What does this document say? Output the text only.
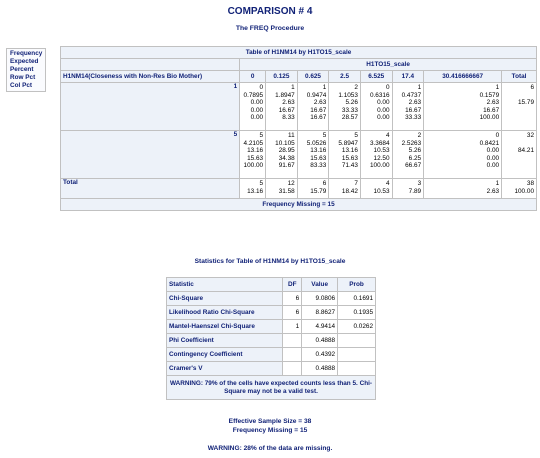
COMPARISON # 4
The FREQ Procedure
Frequency
Expected
Percent
Row Pct
Col Pct
Table of H1NM14 by H1TO15_scale								
	H1TO15_scale							
H1NM14(Closeness with Non-Res Bio Mother)	0	0.125	0.625	2.5	6.525	17.4	30.416666667	Total
1	0
0.7895
0.00
0.00
0.00	1
1.8947
2.63
16.67
8.33	1
0.9474
2.63
16.67
16.67	2
1.1053
5.26
33.33
28.57	0
0.6316
0.00
0.00
0.00	1
0.4737
2.63
16.67
33.33	1
0.1579
2.63
16.67
100.00	6

15.79
5	5
4.2105
13.16
15.63
100.00	11
10.105
28.95
34.38
91.67	5
5.0526
13.16
15.63
83.33	5
5.8947
13.16
15.63
71.43	4
3.3684
10.53
12.50
100.00	2
2.5263
5.26
6.25
66.67	0
0.8421
0.00
0.00
0.00	32

84.21
Total	5
13.16	12
31.58	6
15.79	7
18.42	4
10.53	3
7.89	1
2.63	38
100.00
Frequency Missing = 15								
Statistics for Table of H1NM14 by H1TO15_scale
Statistic	DF	Value	Prob
Chi-Square	6	9.0806	0.1691
Likelihood Ratio Chi-Square	6	8.8627	0.1935
Mantel-Haenszel Chi-Square	1	4.9414	0.0262
Phi Coefficient		0.4888	
Contingency Coefficient		0.4392	
Cramer's V		0.4888	
WARNING: 79% of the cells have expected counts less than 5. Chi-Square may not be a valid test.			
Effective Sample Size = 38
Frequency Missing = 15
WARNING: 28% of the data are missing.
